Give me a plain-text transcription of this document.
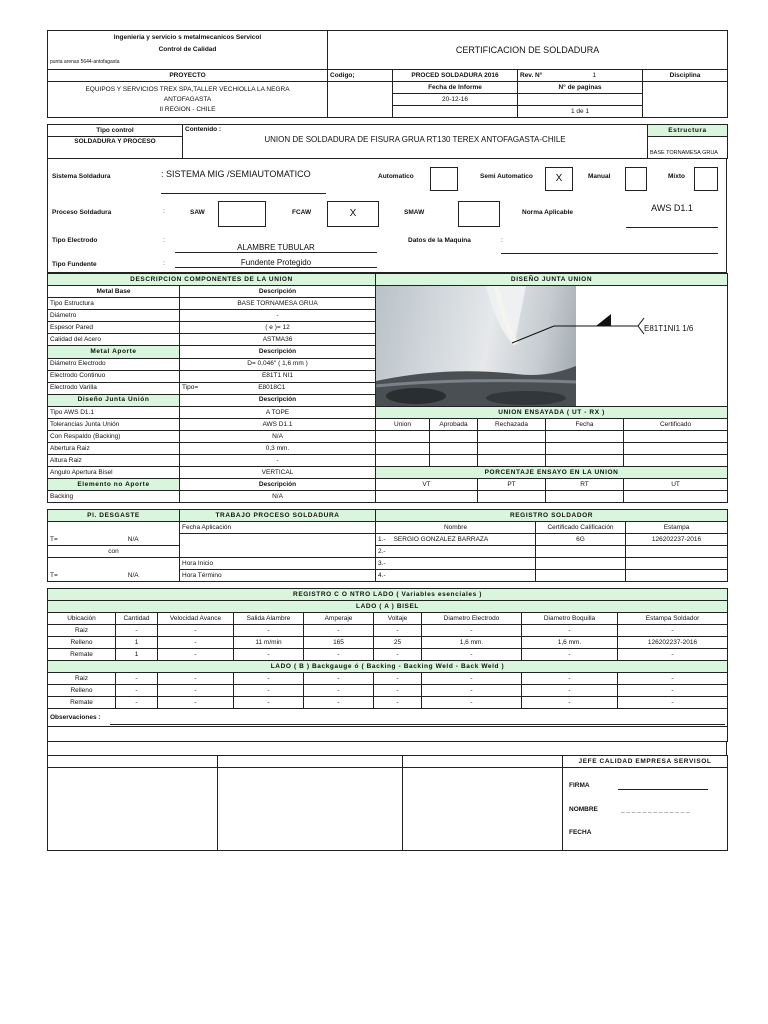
Ingenieria y servicio s metalmecanicos Servicol
Control de Calidad
punta arenas 5644-antofagasta	CERTIFICACION DE SOLDADURA			
PROYECTO	Codigo;	PROCED SOLDADURA 2016	Rev. N° 1	Disciplina

EQUIPOS Y SERVICIOS TREX SPA,TALLER VECHIOLLA LA NEGRA
ANTOFAGASTA
II REGION - CHILE		Fecha de Informe	N° de paginas	
		20-12-16		
			1 de 1	
Tipo control	Contenido :
UNION DE SOLDADURA DE FISURA GRUA RT130 TEREX ANTOFAGASTA-CHILE	Estructura
SOLDADURA Y PROCESO		BASE TORNAMESA GRUA
Sistema Soldadura	: SISTEMA MIG /SEMIAUTOMATICO	Automatico	Semi Automatico	X	Manual	Mixto
Proceso Soldadura	:	SAW	FCAW	X	SMAW	Norma Aplicable	AWS D1.1
Tipo Electrodo	:
ALAMBRE TUBULAR
Datos de la Maquina	:
Tipo Fundente	:	Fundente Protegido
DESCRIPCION COMPONENTES DE LA UNION		DISEÑO JUNTA UNION				
Metal Base	Descripción	E81T1NI1 1/6				

Tipo Estructura	BASE TORNAMESA GRUA					
Diámetro	-					
Espesor Pared	( e )= 12					
Calidad del Acero	ASTMA36					
Metal Aporte	Descripción					
Diámetro Electrodo	D= 0,046'' ( 1,6 mm )					
Electrodo Continuo	E81T1 NI1					
Electrodo Varilla	Tipo= E8018C1					
Diseño Junta Unión	Descripción					
Tipo AWS D1.1	A TOPE	UNION ENSAYADA ( UT - RX )				
Tolerancias Junta Unión	AWS D1.1	Union	Aprobada	Rechazada	Fecha	Certificado
Con Respaldo (Backing)	N/A					
Abertura Raiz	0,3 mm.					
Altura Raiz	-					
Angulo Apertura Bisel	VERTICAL	PORCENTAJE ENSAYO EN LA UNION				
Elemento no Aporte	Descripción	VT		PT	RT	UT
Backing	N/A					
Pl. DESGASTE	TRABAJO PROCESO SOLDADURA	REGISTRO SOLDADOR		
T= N/A	Fecha Aplicación	Nombre	Certificado Calificación	Estampa
		1.- SERGIO GONZALEZ BARRAZA	6G	126202237-2016
con		2.-		
T= N/A	Hora Inicio	3.-		
	Hora Término	4.-		
REGISTRO C O NTRO LADO ( Variables esenciales )								
LADO ( A ) BISEL								
Ubicación	Cantidad	Velocidad Avance	Salida Alambre	Amperaje	Voltaje	Diametro Electrodo	Diametro Boquilla	Estampa Soldador
Raiz	-	-	-	-	-	-	-	-
Relleno	1	-	11 m/min	165	25	1,6 mm.	1,6 mm.	126202237-2016
Remate	1	-	-	-	-	-	-	-
LADO ( B ) Backgauge ó ( Backing - Backing Weld - Back Weld )								
Raiz	-	-	-	-	-	-	-	-
Relleno	-	-	-	-	-	-	-	-
Remate	-	-	-	-	-	-	-	-
Observaciones :	

			JEFE CALIDAD EMPRESA SERVISOL

			FIRMA
NOMBRE _ _ _ _ _ _ _ _ _ _ _ _ _
FECHA
